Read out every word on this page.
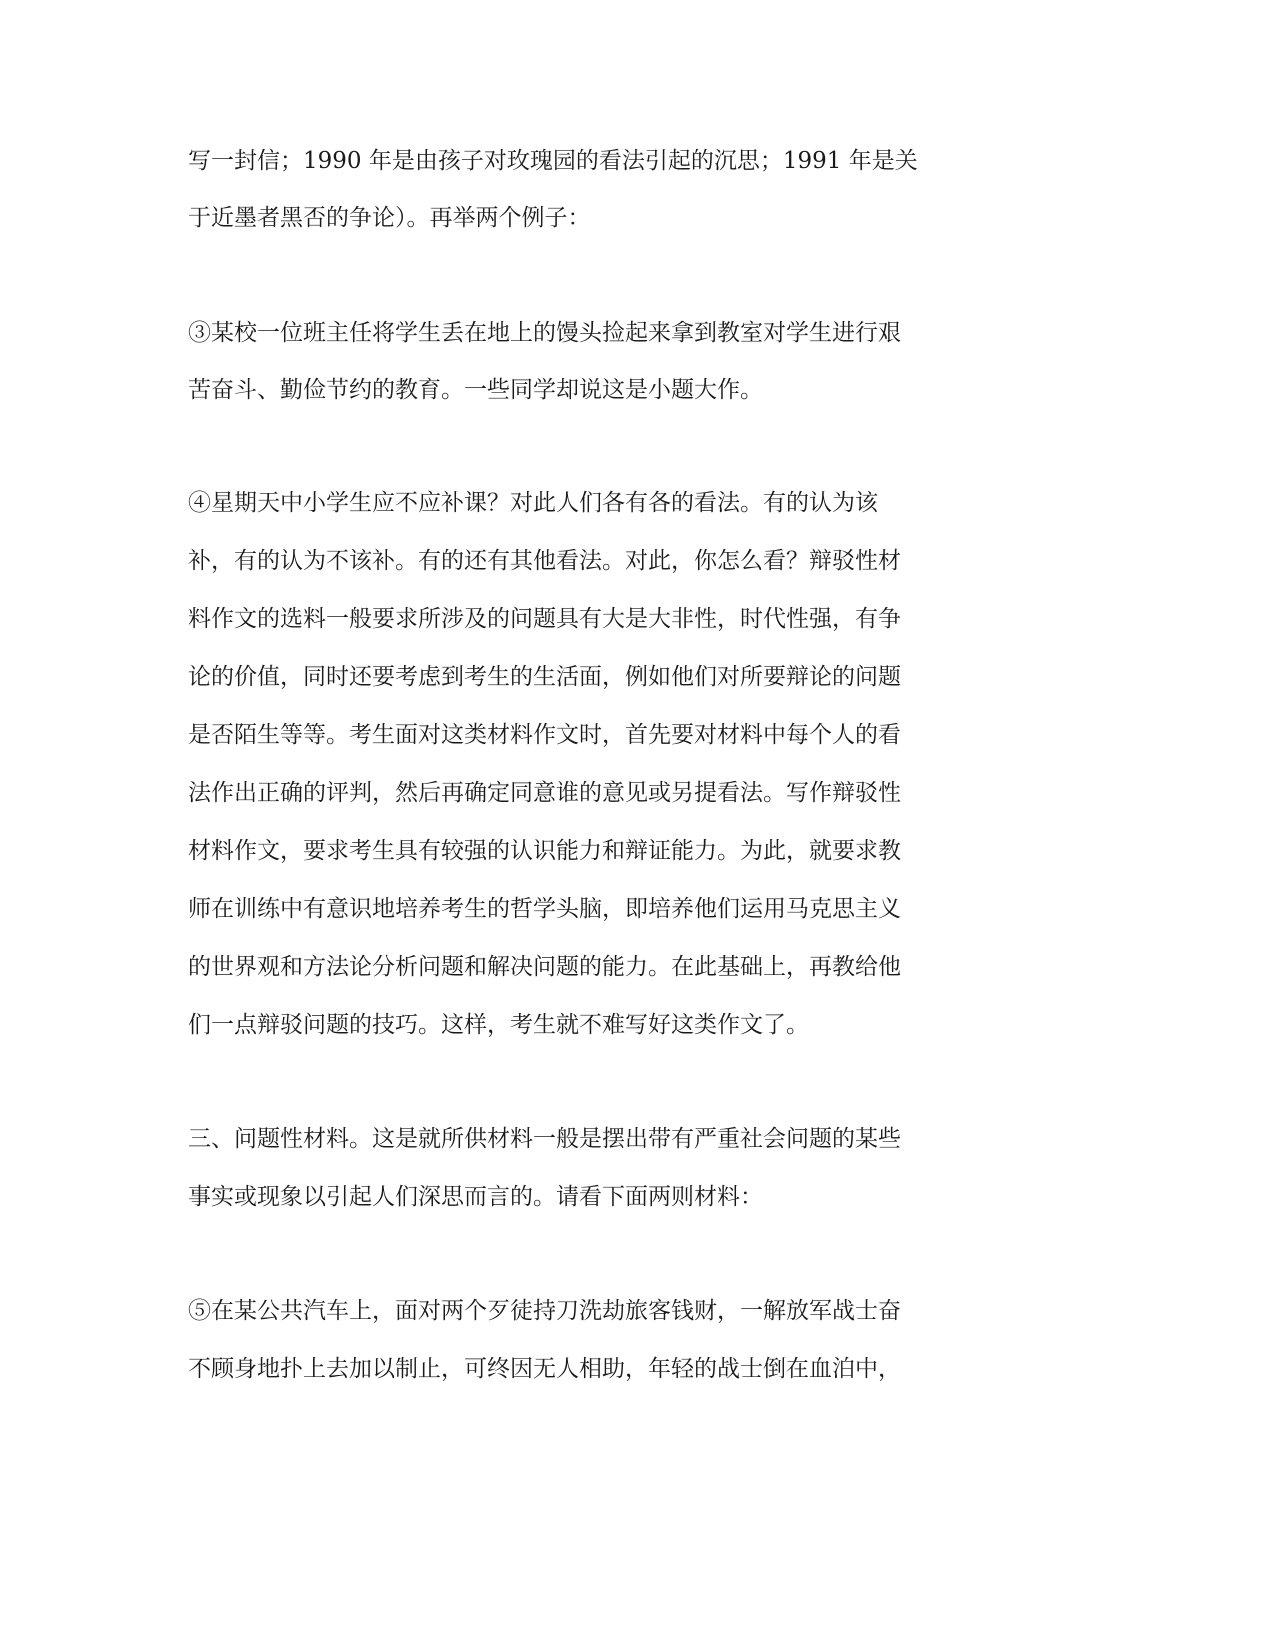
写一封信；1990 年是由孩子对玫瑰园的看法引起的沉思；1991 年是关

于近墨者黑否的争论）。再举两个例子：

③某校一位班主任将学生丢在地上的馒头捡起来拿到教室对学生进行艰

苦奋斗、勤俭节约的教育。一些同学却说这是小题大作。

④星期天中小学生应不应补课？对此人们各有各的看法。有的认为该

补，有的认为不该补。有的还有其他看法。对此，你怎么看？辩驳性材

料作文的选料一般要求所涉及的问题具有大是大非性，时代性强，有争

论的价值，同时还要考虑到考生的生活面，例如他们对所要辩论的问题

是否陌生等等。考生面对这类材料作文时，首先要对材料中每个人的看

法作出正确的评判，然后再确定同意谁的意见或另提看法。写作辩驳性

材料作文，要求考生具有较强的认识能力和辩证能力。为此，就要求教

师在训练中有意识地培养考生的哲学头脑，即培养他们运用马克思主义

的世界观和方法论分析问题和解决问题的能力。在此基础上，再教给他

们一点辩驳问题的技巧。这样，考生就不难写好这类作文了。

三、问题性材料。这是就所供材料一般是摆出带有严重社会问题的某些

事实或现象以引起人们深思而言的。请看下面两则材料：

⑤在某公共汽车上，面对两个歹徒持刀洗劫旅客钱财，一解放军战士奋

不顾身地扑上去加以制止，可终因无人相助，年轻的战士倒在血泊中，
